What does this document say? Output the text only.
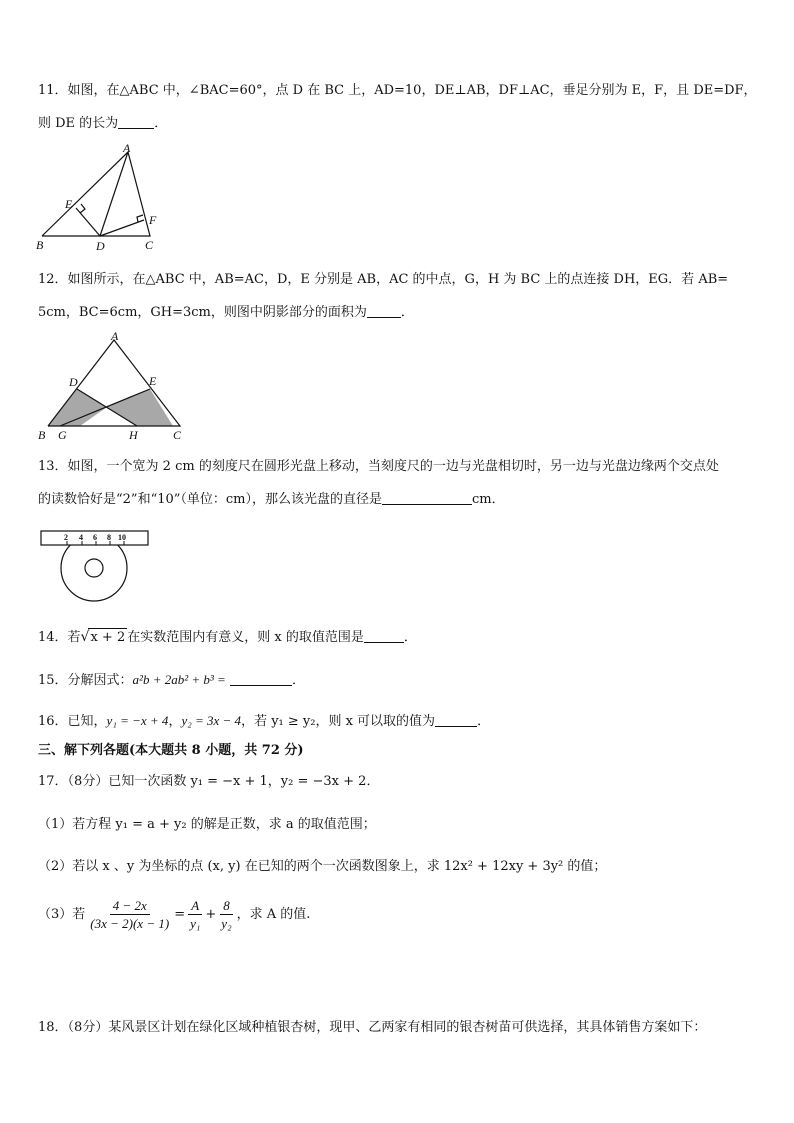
11．如图，在△ABC 中，∠BAC=60°，点 D 在 BC 上，AD=10，DE⊥AB，DF⊥AC，垂足分别为 E，F，且 DE=DF，
则 DE 的长为	．
A
B	C
D
E
F
12．如图所示，在△ABC 中，AB=AC，D，E 分别是 AB，AC 的中点，G，H 为 BC 上的点连接 DH，EG．若 AB=
5cm，BC=6cm，GH=3cm，则图中阴影部分的面积为	．
A
B	C
D	E
G	H
13．如图，一个宽为 2 cm 的刻度尺在圆形光盘上移动，当刻度尺的一边与光盘相切时，另一边与光盘边缘两个交点处
的读数恰好是“2”和“10”（单位：cm），那么该光盘的直径是	cm．
2 4 6 8 10
14．若√x + 2 在实数范围内有意义，则 x 的取值范围是	．
15．分解因式：a²b + 2ab² + b³ =	．
16．已知，y₁ = −x + 4，y₂ = 3x − 4，若 y₁ ≥ y₂，则 x 可以取的值为	．
三、解下列各题(本大题共 8 小题，共 72 分)
17．（8分）已知一次函数 y₁ = −x + 1，y₂ = −3x + 2．
（1）若方程 y₁ = a + y₂ 的解是正数，求 a 的取值范围；
（2）若以 x 、y 为坐标的点 (x, y) 在已知的两个一次函数图象上，求 12x² + 12xy + 3y² 的值；
（3）若 $\frac{4 - 2x}{(3x - 2)(x - 1)} = \frac{A}{\text{y₁}} + \frac{8}{\text{y₂}}$ ，求 A 的值.
18．（8分）某风景区计划在绿化区域种植银杏树，现甲、乙两家有相同的银杏树苗可供选择，其具体销售方案如下：
